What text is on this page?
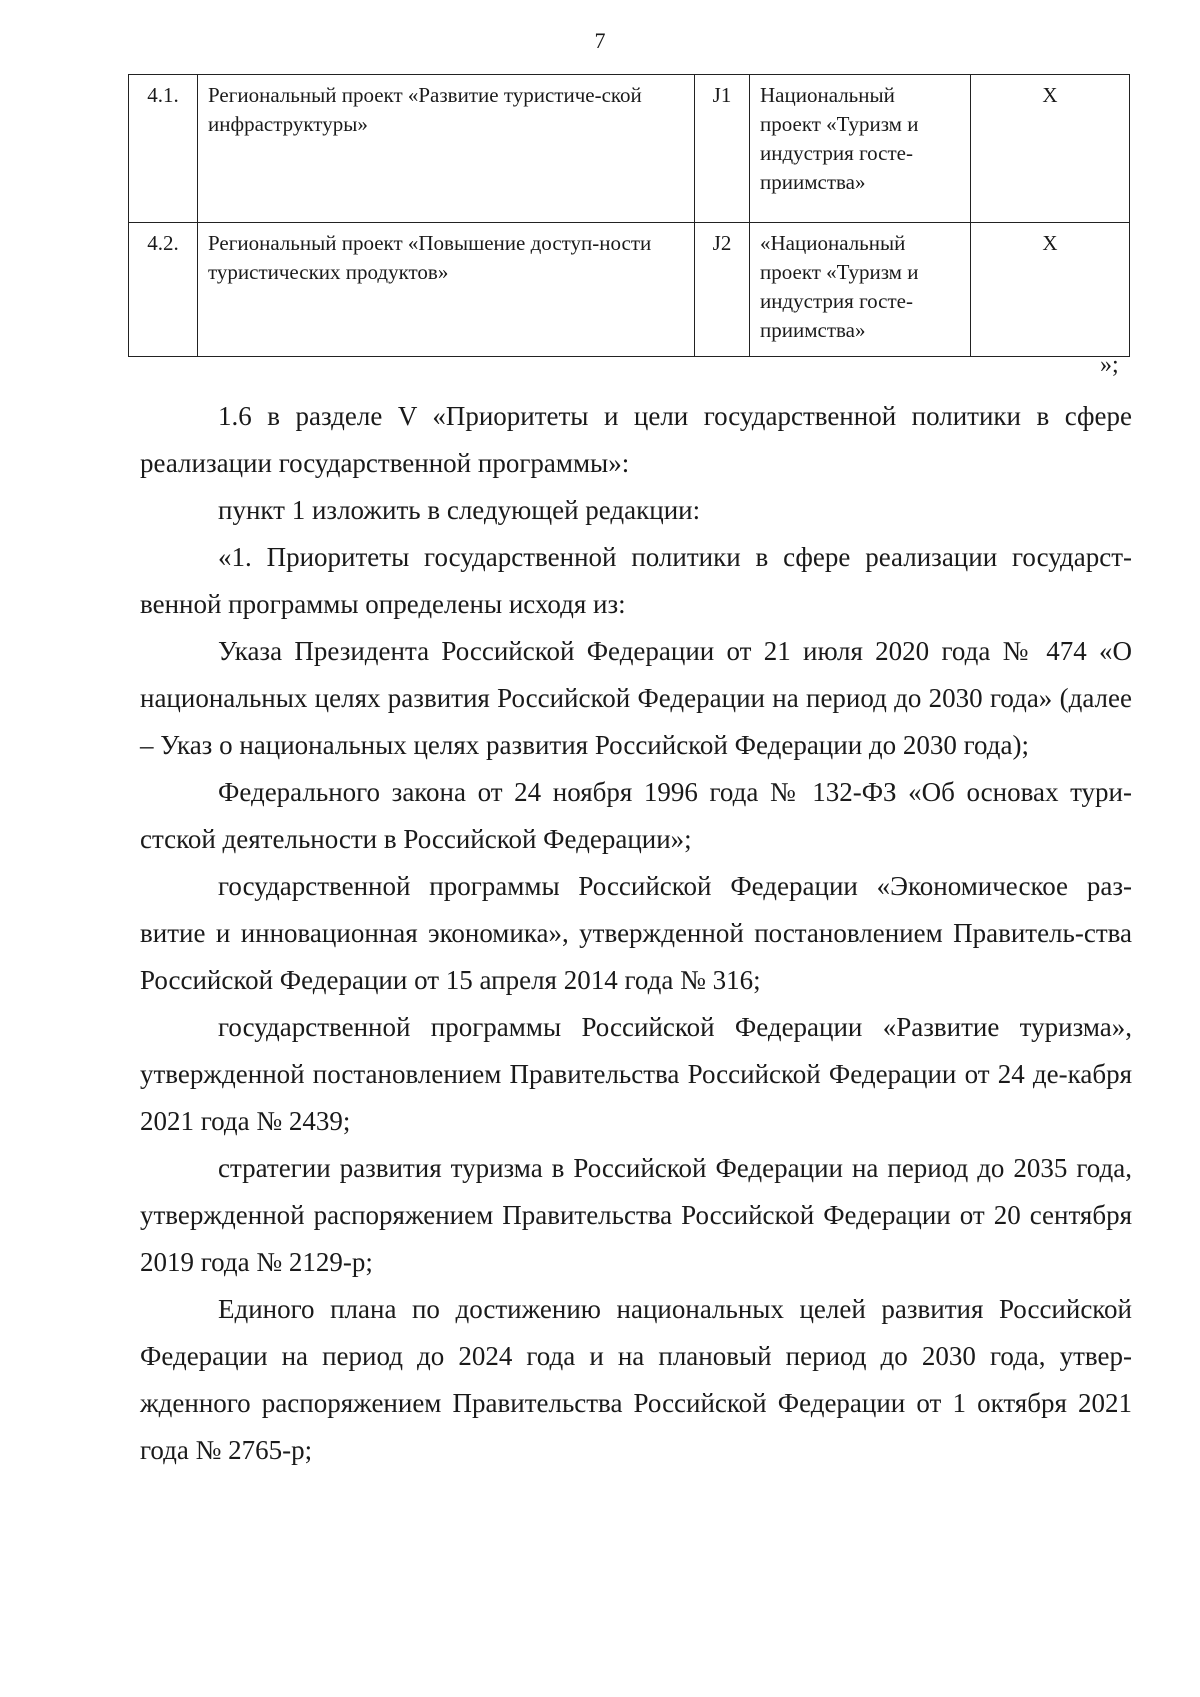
7
4.1.	Региональный проект «Развитие туристиче-ской инфраструктуры»	J1	Национальный проект «Туризм и индустрия госте-приимства»	Х
4.2.	Региональный проект «Повышение доступ-ности туристических продуктов»	J2	«Национальный проект «Туризм и индустрия госте-приимства»	Х
»;

1.6 в разделе V «Приоритеты и цели государственной политики в сфере реализации государственной программы»:

пункт 1 изложить в следующей редакции:

«1. Приоритеты государственной политики в сфере реализации государст-венной программы определены исходя из:

Указа Президента Российской Федерации от 21 июля 2020 года № 474 «О национальных целях развития Российской Федерации на период до 2030 года» (далее – Указ о национальных целях развития Российской Федерации до 2030 года);

Федерального закона от 24 ноября 1996 года № 132-ФЗ «Об основах тури-стской деятельности в Российской Федерации»;

государственной программы Российской Федерации «Экономическое раз-витие и инновационная экономика», утвержденной постановлением Правитель-ства Российской Федерации от 15 апреля 2014 года № 316;

государственной программы Российской Федерации «Развитие туризма», утвержденной постановлением Правительства Российской Федерации от 24 де-кабря 2021 года № 2439;

стратегии развития туризма в Российской Федерации на период до 2035 года, утвержденной распоряжением Правительства Российской Федерации от 20 сентября 2019 года № 2129-р;

Единого плана по достижению национальных целей развития Российской Федерации на период до 2024 года и на плановый период до 2030 года, утвер-жденного распоряжением Правительства Российской Федерации от 1 октября 2021 года № 2765-р;
